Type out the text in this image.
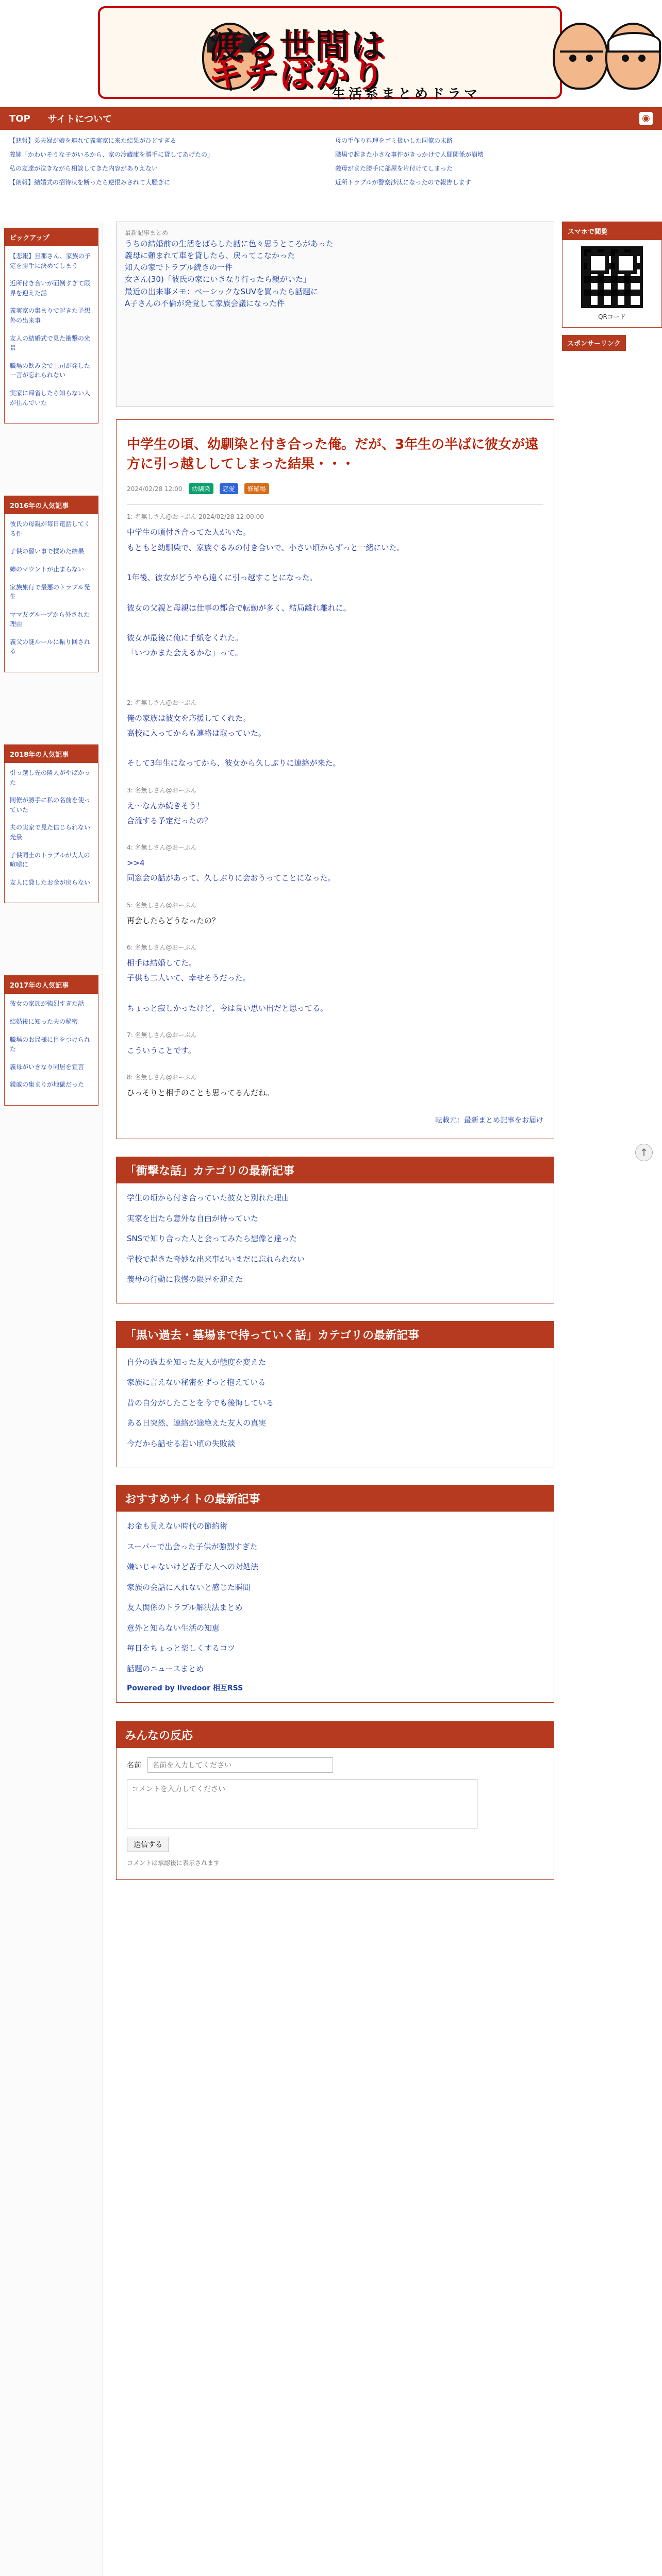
渡る世間は
キチばかり
生活系まとめドラマ
TOP サイトについて	◉

【悲報】弟夫婦が娘を連れて義実家に来た結果がひどすぎる

義姉「かわいそうな子がいるから、家の冷蔵庫を勝手に貸してあげたの」

私の友達が泣きながら相談してきた内容がありえない

【朗報】結婚式の招待状を断ったら逆恨みされて大騒ぎに

母の手作り料理をゴミ扱いした同僚の末路

職場で起きた小さな事件がきっかけで人間関係が崩壊

義母がまた勝手に部屋を片付けてしまった

近所トラブルが警察沙汰になったので報告します

ピックアップ
【悲報】旦那さん、家族の予定を勝手に決めてしまう
近所付き合いが面倒すぎて限界を迎えた話
義実家の集まりで起きた予想外の出来事
友人の結婚式で見た衝撃の光景
職場の飲み会で上司が発した一言が忘れられない
実家に帰省したら知らない人が住んでいた
2016年の人気記事
彼氏の母親が毎日電話してくる件
子供の習い事で揉めた結果
姉のマウントが止まらない
家族旅行で最悪のトラブル発生
ママ友グループから外された理由
義父の謎ルールに振り回される
2018年の人気記事
引っ越し先の隣人がやばかった
同僚が勝手に私の名前を使っていた
夫の実家で見た信じられない光景
子供同士のトラブルが大人の喧嘩に
友人に貸したお金が戻らない
2017年の人気記事
彼女の家族が強烈すぎた話
結婚後に知った夫の秘密
職場のお局様に目をつけられた
義母がいきなり同居を宣言
親戚の集まりが地獄だった
最新記事まとめ

うちの結婚前の生活をばらした話に色々思うところがあった

義母に頼まれて車を貸したら、戻ってこなかった

知人の家でトラブル続きの一件

女さん(30)「彼氏の家にいきなり行ったら親がいた」

最近の出来事メモ：ベーシックなSUVを買ったら話題に

A子さんの不倫が発覚して家族会議になった件

中学生の頃、幼馴染と付き合った俺。だが、3年生の半ばに彼女が遠方に引っ越ししてしまった結果・・・
2024/02/28 12:00	幼馴染	恋愛	修羅場
1: 名無しさん@おーぷん 2024/02/28 12:00:00
中学生の頃付き合ってた人がいた。
もともと幼馴染で、家族ぐるみの付き合いで、小さい頃からずっと一緒にいた。

1年後、彼女がどうやら遠くに引っ越すことになった。

彼女の父親と母親は仕事の都合で転勤が多く、結局離れ離れに。

彼女が最後に俺に手紙をくれた。
「いつかまた会えるかな」って。
2: 名無しさん@おーぷん
俺の家族は彼女を応援してくれた。
高校に入ってからも連絡は取っていた。

そして3年生になってから、彼女から久しぶりに連絡が来た。
3: 名無しさん@おーぷん
え〜なんか続きそう！
合流する予定だったの？
4: 名無しさん@おーぷん
>>4
同窓会の話があって、久しぶりに会おうってことになった。
5: 名無しさん@おーぷん
再会したらどうなったの？
6: 名無しさん@おーぷん
相手は結婚してた。
子供も二人いて、幸せそうだった。

ちょっと寂しかったけど、今は良い思い出だと思ってる。
7: 名無しさん@おーぷん
こういうことです。
8: 名無しさん@おーぷん
ひっそりと相手のことも思ってるんだね。
転載元：最新まとめ記事をお届け
「衝撃な話」カテゴリの最新記事

学生の頃から付き合っていた彼女と別れた理由

実家を出たら意外な自由が待っていた

SNSで知り合った人と会ってみたら想像と違った

学校で起きた奇妙な出来事がいまだに忘れられない

義母の行動に我慢の限界を迎えた

「黒い過去・墓場まで持っていく話」カテゴリの最新記事

自分の過去を知った友人が態度を変えた

家族に言えない秘密をずっと抱えている

昔の自分がしたことを今でも後悔している

ある日突然、連絡が途絶えた友人の真実

今だから話せる若い頃の失敗談

おすすめサイトの最新記事

お金も見えない時代の節約術

スーパーで出会った子供が強烈すぎた

嫌いじゃないけど苦手な人への対処法

家族の会話に入れないと感じた瞬間

友人関係のトラブル解決法まとめ

意外と知らない生活の知恵

毎日をちょっと楽しくするコツ

話題のニュースまとめ

Powered by livedoor 相互RSS
みんなの反応
名前
名前を入力してください
コメントを入力してください
送信する
コメントは承認後に表示されます
スマホで閲覧
QRコード
スポンサーリンク
↑
